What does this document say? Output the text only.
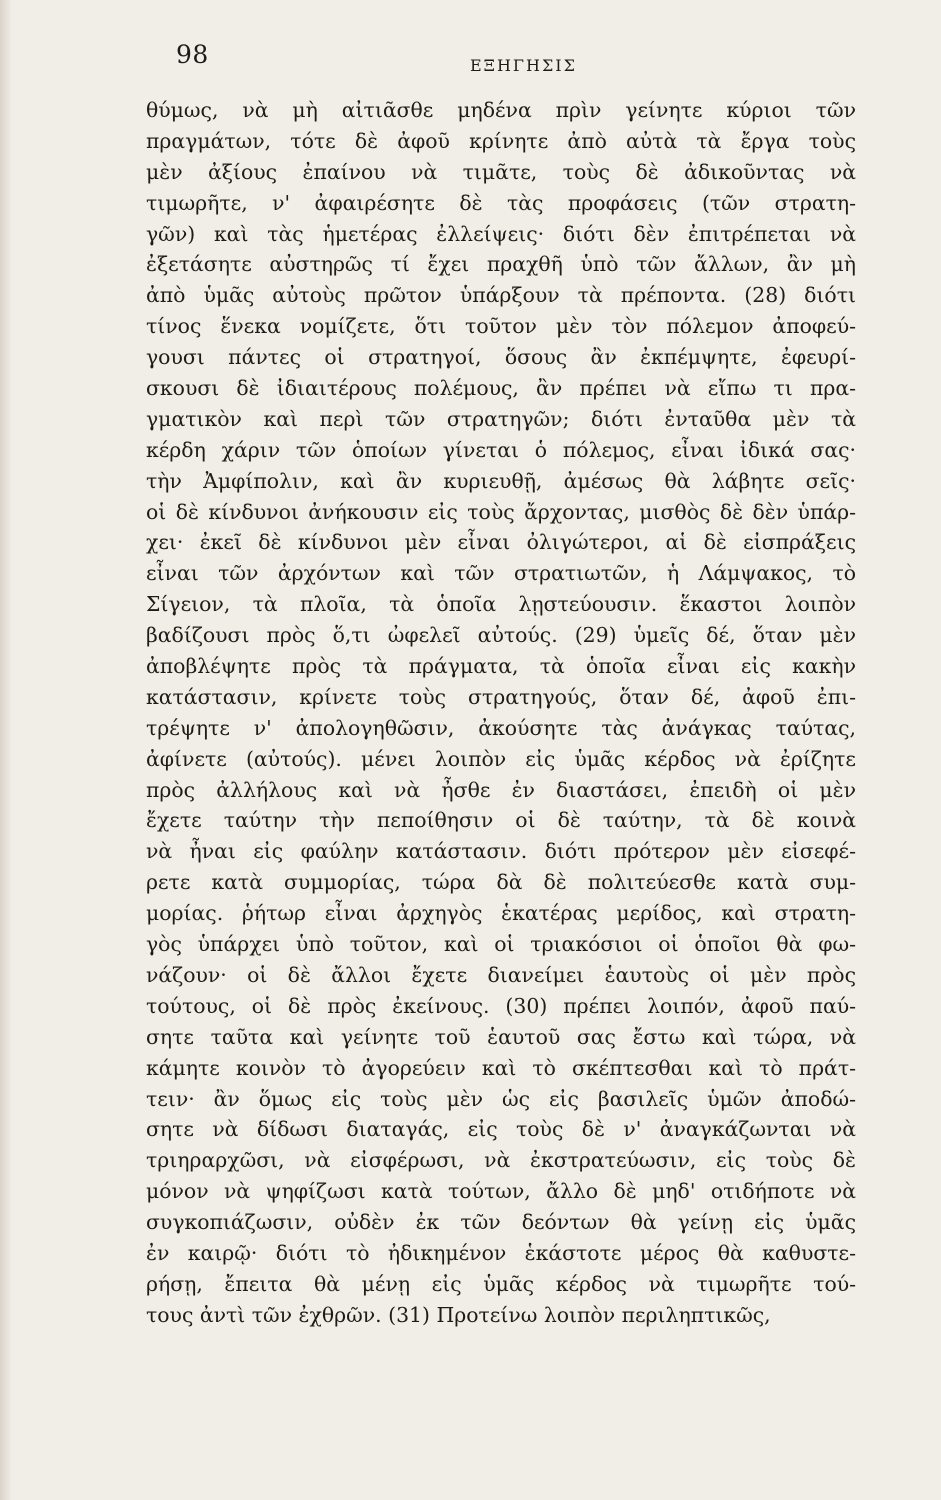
98	ΕΞΗΓΗΣΙΣ
θύμως, νὰ μὴ αἰτιᾶσθε μηδένα πρὶν γείνητε κύριοι τῶν
πραγμάτων, τότε δὲ ἀφοῦ κρίνητε ἀπὸ αὐτὰ τὰ ἔργα τοὺς
μὲν ἀξίους ἐπαίνου νὰ τιμᾶτε, τοὺς δὲ ἀδικοῦντας νὰ
τιμωρῆτε, ν' ἀφαιρέσητε δὲ τὰς προφάσεις (τῶν στρατη-
γῶν) καὶ τὰς ἡμετέρας ἐλλείψεις· διότι δὲν ἐπιτρέπεται νὰ
ἐξετάσητε αὐστηρῶς τί ἔχει πραχθῆ ὑπὸ τῶν ἄλλων, ἂν μὴ
ἀπὸ ὑμᾶς αὐτοὺς πρῶτον ὑπάρξουν τὰ πρέποντα. (28) διότι
τίνος ἕνεκα νομίζετε, ὅτι τοῦτον μὲν τὸν πόλεμον ἀποφεύ-
γουσι πάντες οἱ στρατηγοί, ὅσους ἂν ἐκπέμψητε, ἐφευρί-
σκουσι δὲ ἰδιαιτέρους πολέμους, ἂν πρέπει νὰ εἴπω τι πρα-
γματικὸν καὶ περὶ τῶν στρατηγῶν; διότι ἐνταῦθα μὲν τὰ
κέρδη χάριν τῶν ὁποίων γίνεται ὁ πόλεμος, εἶναι ἰδικά σας·
τὴν Ἀμφίπολιν, καὶ ἂν κυριευθῇ, ἀμέσως θὰ λάβητε σεῖς·
οἱ δὲ κίνδυνοι ἀνήκουσιν εἰς τοὺς ἄρχοντας, μισθὸς δὲ δὲν ὑπάρ-
χει· ἐκεῖ δὲ κίνδυνοι μὲν εἶναι ὀλιγώτεροι, αἱ δὲ εἰσπράξεις
εἶναι τῶν ἀρχόντων καὶ τῶν στρατιωτῶν, ἡ Λάμψακος, τὸ
Σίγειον, τὰ πλοῖα, τὰ ὁποῖα λῃστεύουσιν. ἕκαστοι λοιπὸν
βαδίζουσι πρὸς ὅ,τι ὠφελεῖ αὐτούς. (29) ὑμεῖς δέ, ὅταν μὲν
ἀποβλέψητε πρὸς τὰ πράγματα, τὰ ὁποῖα εἶναι εἰς κακὴν
κατάστασιν, κρίνετε τοὺς στρατηγούς, ὅταν δέ, ἀφοῦ ἐπι-
τρέψητε ν' ἀπολογηθῶσιν, ἀκούσητε τὰς ἀνάγκας ταύτας,
ἀφίνετε (αὐτούς). μένει λοιπὸν εἰς ὑμᾶς κέρδος νὰ ἐρίζητε
πρὸς ἀλλήλους καὶ νὰ ἦσθε ἐν διαστάσει, ἐπειδὴ οἱ μὲν
ἔχετε ταύτην τὴν πεποίθησιν οἱ δὲ ταύτην, τὰ δὲ κοινὰ
νὰ ἦναι εἰς φαύλην κατάστασιν. διότι πρότερον μὲν εἰσεφέ-
ρετε κατὰ συμμορίας, τώρα δὰ δὲ πολιτεύεσθε κατὰ συμ-
μορίας. ῥήτωρ εἶναι ἀρχηγὸς ἑκατέρας μερίδος, καὶ στρατη-
γὸς ὑπάρχει ὑπὸ τοῦτον, καὶ οἱ τριακόσιοι οἱ ὁποῖοι θὰ φω-
νάζουν· οἱ δὲ ἄλλοι ἔχετε διανείμει ἑαυτοὺς οἱ μὲν πρὸς
τούτους, οἱ δὲ πρὸς ἐκείνους. (30) πρέπει λοιπόν, ἀφοῦ παύ-
σητε ταῦτα καὶ γείνητε τοῦ ἑαυτοῦ σας ἔστω καὶ τώρα, νὰ
κάμητε κοινὸν τὸ ἀγορεύειν καὶ τὸ σκέπτεσθαι καὶ τὸ πράτ-
τειν· ἂν ὅμως εἰς τοὺς μὲν ὡς εἰς βασιλεῖς ὑμῶν ἀποδώ-
σητε νὰ δίδωσι διαταγάς, εἰς τοὺς δὲ ν' ἀναγκάζωνται νὰ
τριηραρχῶσι, νὰ εἰσφέρωσι, νὰ ἐκστρατεύωσιν, εἰς τοὺς δὲ
μόνον νὰ ψηφίζωσι κατὰ τούτων, ἄλλο δὲ μηδ' οτιδήποτε νὰ
συγκοπιάζωσιν, οὐδὲν ἐκ τῶν δεόντων θὰ γείνῃ εἰς ὑμᾶς
ἐν καιρῷ· διότι τὸ ἠδικημένον ἑκάστοτε μέρος θὰ καθυστε-
ρήσῃ, ἔπειτα θὰ μένῃ εἰς ὑμᾶς κέρδος νὰ τιμωρῆτε τού-
τους ἀντὶ τῶν ἐχθρῶν. (31) Προτείνω λοιπὸν περιληπτικῶς,
